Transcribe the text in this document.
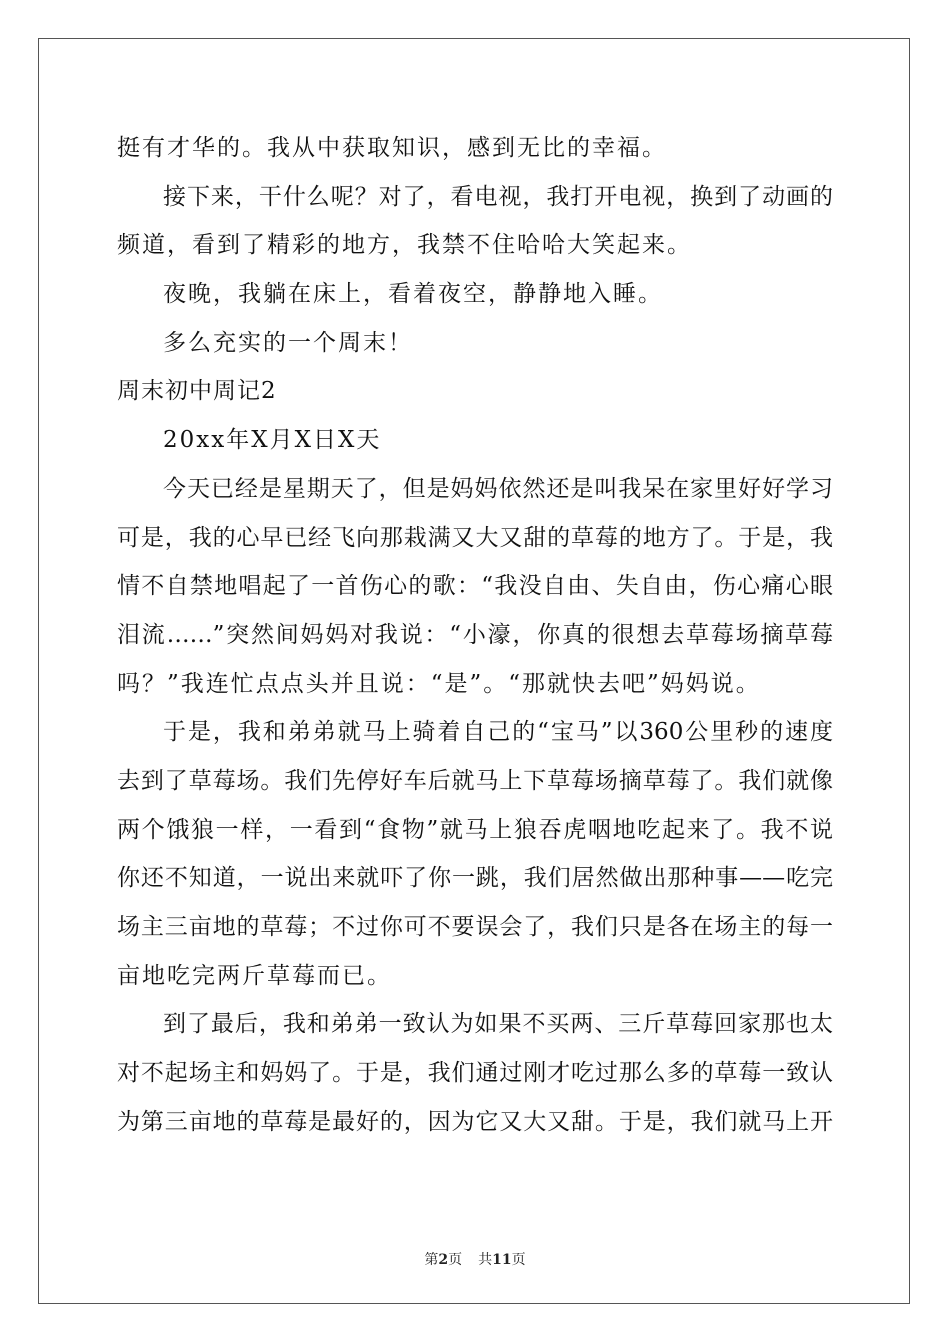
挺有才华的。我从中获取知识，感到无比的幸福。
接下来，干什么呢？对了，看电视，我打开电视，换到了动画的
频道，看到了精彩的地方，我禁不住哈哈大笑起来。
夜晚，我躺在床上，看着夜空，静静地入睡。
多么充实的一个周末！
周末初中周记2
20xx年X月X日X天
今天已经是星期天了，但是妈妈依然还是叫我呆在家里好好学习
可是，我的心早已经飞向那栽满又大又甜的草莓的地方了。于是，我
情不自禁地唱起了一首伤心的歌：“我没自由、失自由，伤心痛心眼
泪流……”突然间妈妈对我说：“小濠，你真的很想去草莓场摘草莓
吗？”我连忙点点头并且说：“是”。“那就快去吧”妈妈说。
于是，我和弟弟就马上骑着自己的“宝马”以360公里秒的速度
去到了草莓场。我们先停好车后就马上下草莓场摘草莓了。我们就像
两个饿狼一样，一看到“食物”就马上狼吞虎咽地吃起来了。我不说
你还不知道，一说出来就吓了你一跳，我们居然做出那种事——吃完
场主三亩地的草莓；不过你可不要误会了，我们只是各在场主的每一
亩地吃完两斤草莓而已。
到了最后，我和弟弟一致认为如果不买两、三斤草莓回家那也太
对不起场主和妈妈了。于是，我们通过刚才吃过那么多的草莓一致认
为第三亩地的草莓是最好的，因为它又大又甜。于是，我们就马上开
第2页 共11页
